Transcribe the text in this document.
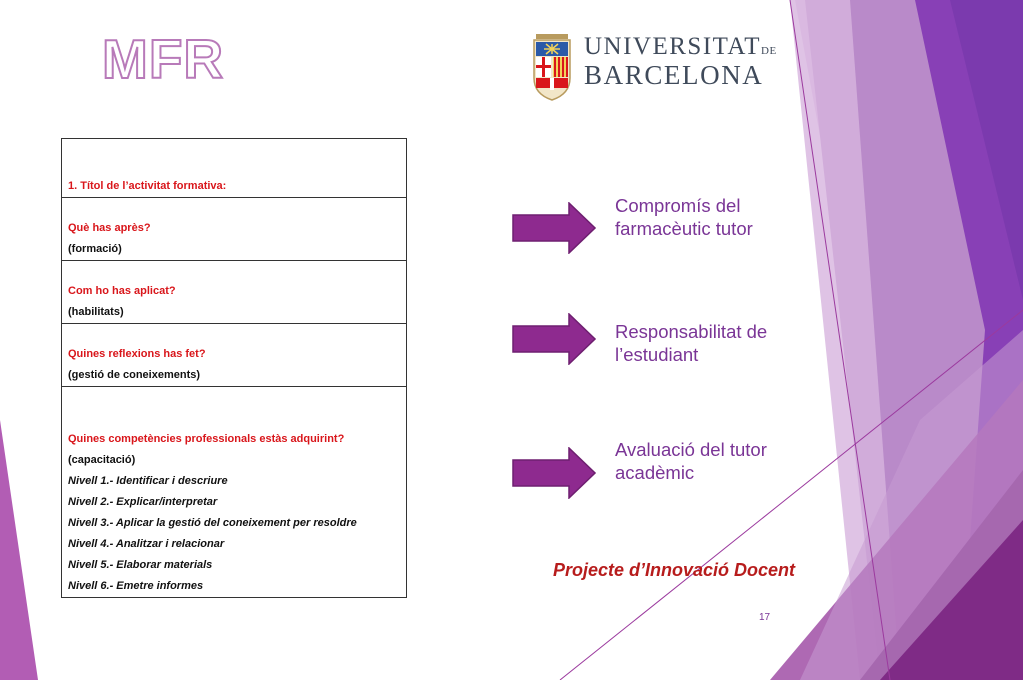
MFR	UNIVERSITATDE
BARCELONA
1. Títol de l’activitat formativa:

Què has après?
(formació)

Com ho has aplicat?
(habilitats)

Quines reflexions has fet?
(gestió de coneixements)

Quines competències professionals estàs adquirint?
(capacitació)
Nivell 1.- Identificar i descriure
Nivell 2.- Explicar/interpretar
Nivell 3.- Aplicar la gestió del coneixement per resoldre
Nivell 4.- Analitzar i relacionar
Nivell 5.- Elaborar materials
Nivell 6.- Emetre informes
Compromís del
farmacèutic tutor
Responsabilitat de
l’estudiant
Avaluació del tutor
acadèmic
Projecte d’Innovació Docent
17
